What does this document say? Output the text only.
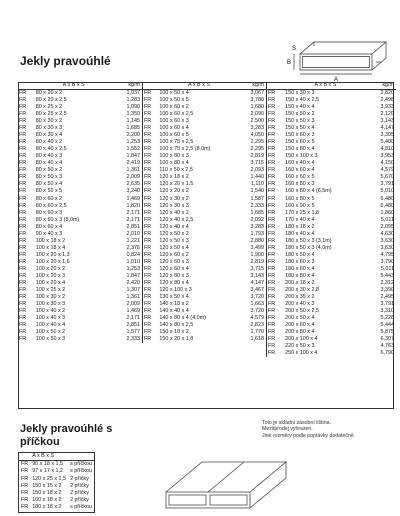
Jekly pravoúhlé
A
B
S
	A x B x S	kg/m
FR	80 x 20 x 2	1,037
FR	80 x 20 x 2,5	1,283
FR	80 x 25 x 2	1,090
FR	80 x 25 x 2,5	1,350
FR	80 x 30 x 2	1,145
FR	80 x 30 x 3	1,685
FR	80 x 30 x 4	2,200
FR	80 x 40 x 2	1,253
FR	80 x 40 x 2,5	1,552
FR	80 x 40 x 3	1,847
FR	80 x 40 x 4	2,419
FR	80 x 50 x 2	1,361
FR	80 x 50 x 3	2,009
FR	80 x 50 x 4	2,635
FR	80 x 50 x 5	3,240
FR	80 x 60 x 2	1,469
FR	80 x 60 x 2,5	1,820
FR	80 x 60 x 3	2,171
FR	80 x 60 x 3 (8,0m)	2,171
FR	80 x 60 x 4	2,851
FR	90 x 40 x 3	2,010
FR	100 x 18 x 2	1,221
FR	100 x 18 x 4	2,376
FR	100 x 20 x 1,3	0,824
FR	100 x 20 x 1,6	1,010
FR	100 x 20 x 2	1,253
FR	100 x 20 x 3	1,847
FR	100 x 20 x 4	2,420
FR	100 x 25 x 2	1,307
FR	100 x 30 x 2	1,361
FR	100 x 30 x 3	2,009
FR	100 x 40 x 2	1,469
FR	100 x 40 x 3	2,171
FR	100 x 40 x 4	2,851
FR	100 x 50 x 2	1,577
FR	100 x 50 x 3	2,333
	A x B x S	kg/m
FR	100 x 50 x 4	3,067
FR	100 x 50 x 5	3,780
FR	100 x 60 x 2	1,680
FR	100 x 60 x 2,5	2,090
FR	100 x 60 x 3	2,500
FR	100 x 60 x 4	3,283
FR	100 x 60 x 5	4,050
FR	100 x 75 x 2,5	2,295
FR	100 x 75 x 2,5 (8,0m)	2,295
FR	100 x 80 x 3	2,819
FR	100 x 80 x 4	3,715
FR	110 x 50 x 2,5	2,093
FR	120 x 18 x 2	1,440
FR	120 x 20 x 1,5	1,110
FR	120 x 20 x 2	1,540
FR	120 x 30 x 2	1,587
FR	120 x 30 x 3	2,333
FR	120 x 40 x 2	1,685
FR	120 x 40 x 2,5	2,092
FR	120 x 40 x 4	3,283
FR	120 x 50 x 2	1,793
FR	120 x 50 x 3	2,880
FR	120 x 50 x 4	3,499
FR	120 x 60 x 2	1,900
FR	120 x 60 x 3	2,819
FR	120 x 60 x 4	3,715
FR	120 x 80 x 3	3,143
FR	120 x 80 x 4	4,147
FR	120 x 100 x 3	3,467
FR	130 x 50 x 4	3,720
FR	140 x 18 x 2	1,663
FR	140 x 40 x 4	3,720
FR	140 x 80 x 4 (4,0m)	4,579
FR	140 x 80 x 2,5	2,823
FR	150 x 18 x 2	1,770
FR	150 x 20 x 1,8	1,618
	A x B x S	kg/m
FR	150 x 30 x 3	2,820
FR	150 x 40 x 2,5	2,498
FR	150 x 40 x 4	3,933
FR	150 x 50 x 2	2,120
FR	150 x 50 x 3	3,143
FR	150 x 50 x 4	4,147
FR	150 x 60 x 3	3,305
FR	150 x 60 x 5	5,400
FR	150 x 80 x 4	4,810
FR	150 x 100 x 3	3,953
FR	160 x 40 x 4	4,150
FR	160 x 60 x 4	4,579
FR	160 x 60 x 5	5,670
FR	160 x 80 x 3	3,791
FR	160 x 80 x 4 (6,5m)	5,010
FR	160 x 80 x 5	6,480
FR	160 x 90 x 5	6,480
FR	170 x 25 x 1,8	1,860
FR	170 x 40 x 4	5,011
FR	180 x 18 x 2	2,095
FR	180 x 40 x 4	4,630
FR	180 x 50 x 3 (3,1m)	3,630
FR	180 x 50 x 3 (4,0m)	3,630
FR	180 x 50 x 4	4,795
FR	180 x 60 x 3	3,790
FR	180 x 60 x 4	5,011
FR	180 x 80 x 4	5,443
FR	200 x 18 x 2	2,312
FR	200 x 30 x 2,8	3,390
FR	200 x 35 x 2	2,495
FR	200 x 40 x 3	3,791
FR	200 x 50 x 2,5	3,310
FR	200 x 50 x 4	5,228
FR	200 x 60 x 4	5,444
FR	200 x 80 x 4	5,875
FR	200 x 100 x 4	6,307
FR	220 x 50 x 3	4,763
FR	250 x 100 x 4	6,790
Toto je skladní zásobní liština.
Mezitprodej vyhrazen.
Jiné rozměry podle poptávky dodatečně.
Jekly pravoúhlé s příčkou
	A x B x S	
FR	90 x 18 x 1,5	s příčkou
FR	97 x 17 x 1,2	s příčkou
FR	120 x 25 x 1,5	2 příčky
FR	150 x 15 x 2	2 příčky
FR	150 x 18 x 2	2 příčky
FR	160 x 18 x 2	2 příčky
FR	180 x 18 x 2	s příčkou
